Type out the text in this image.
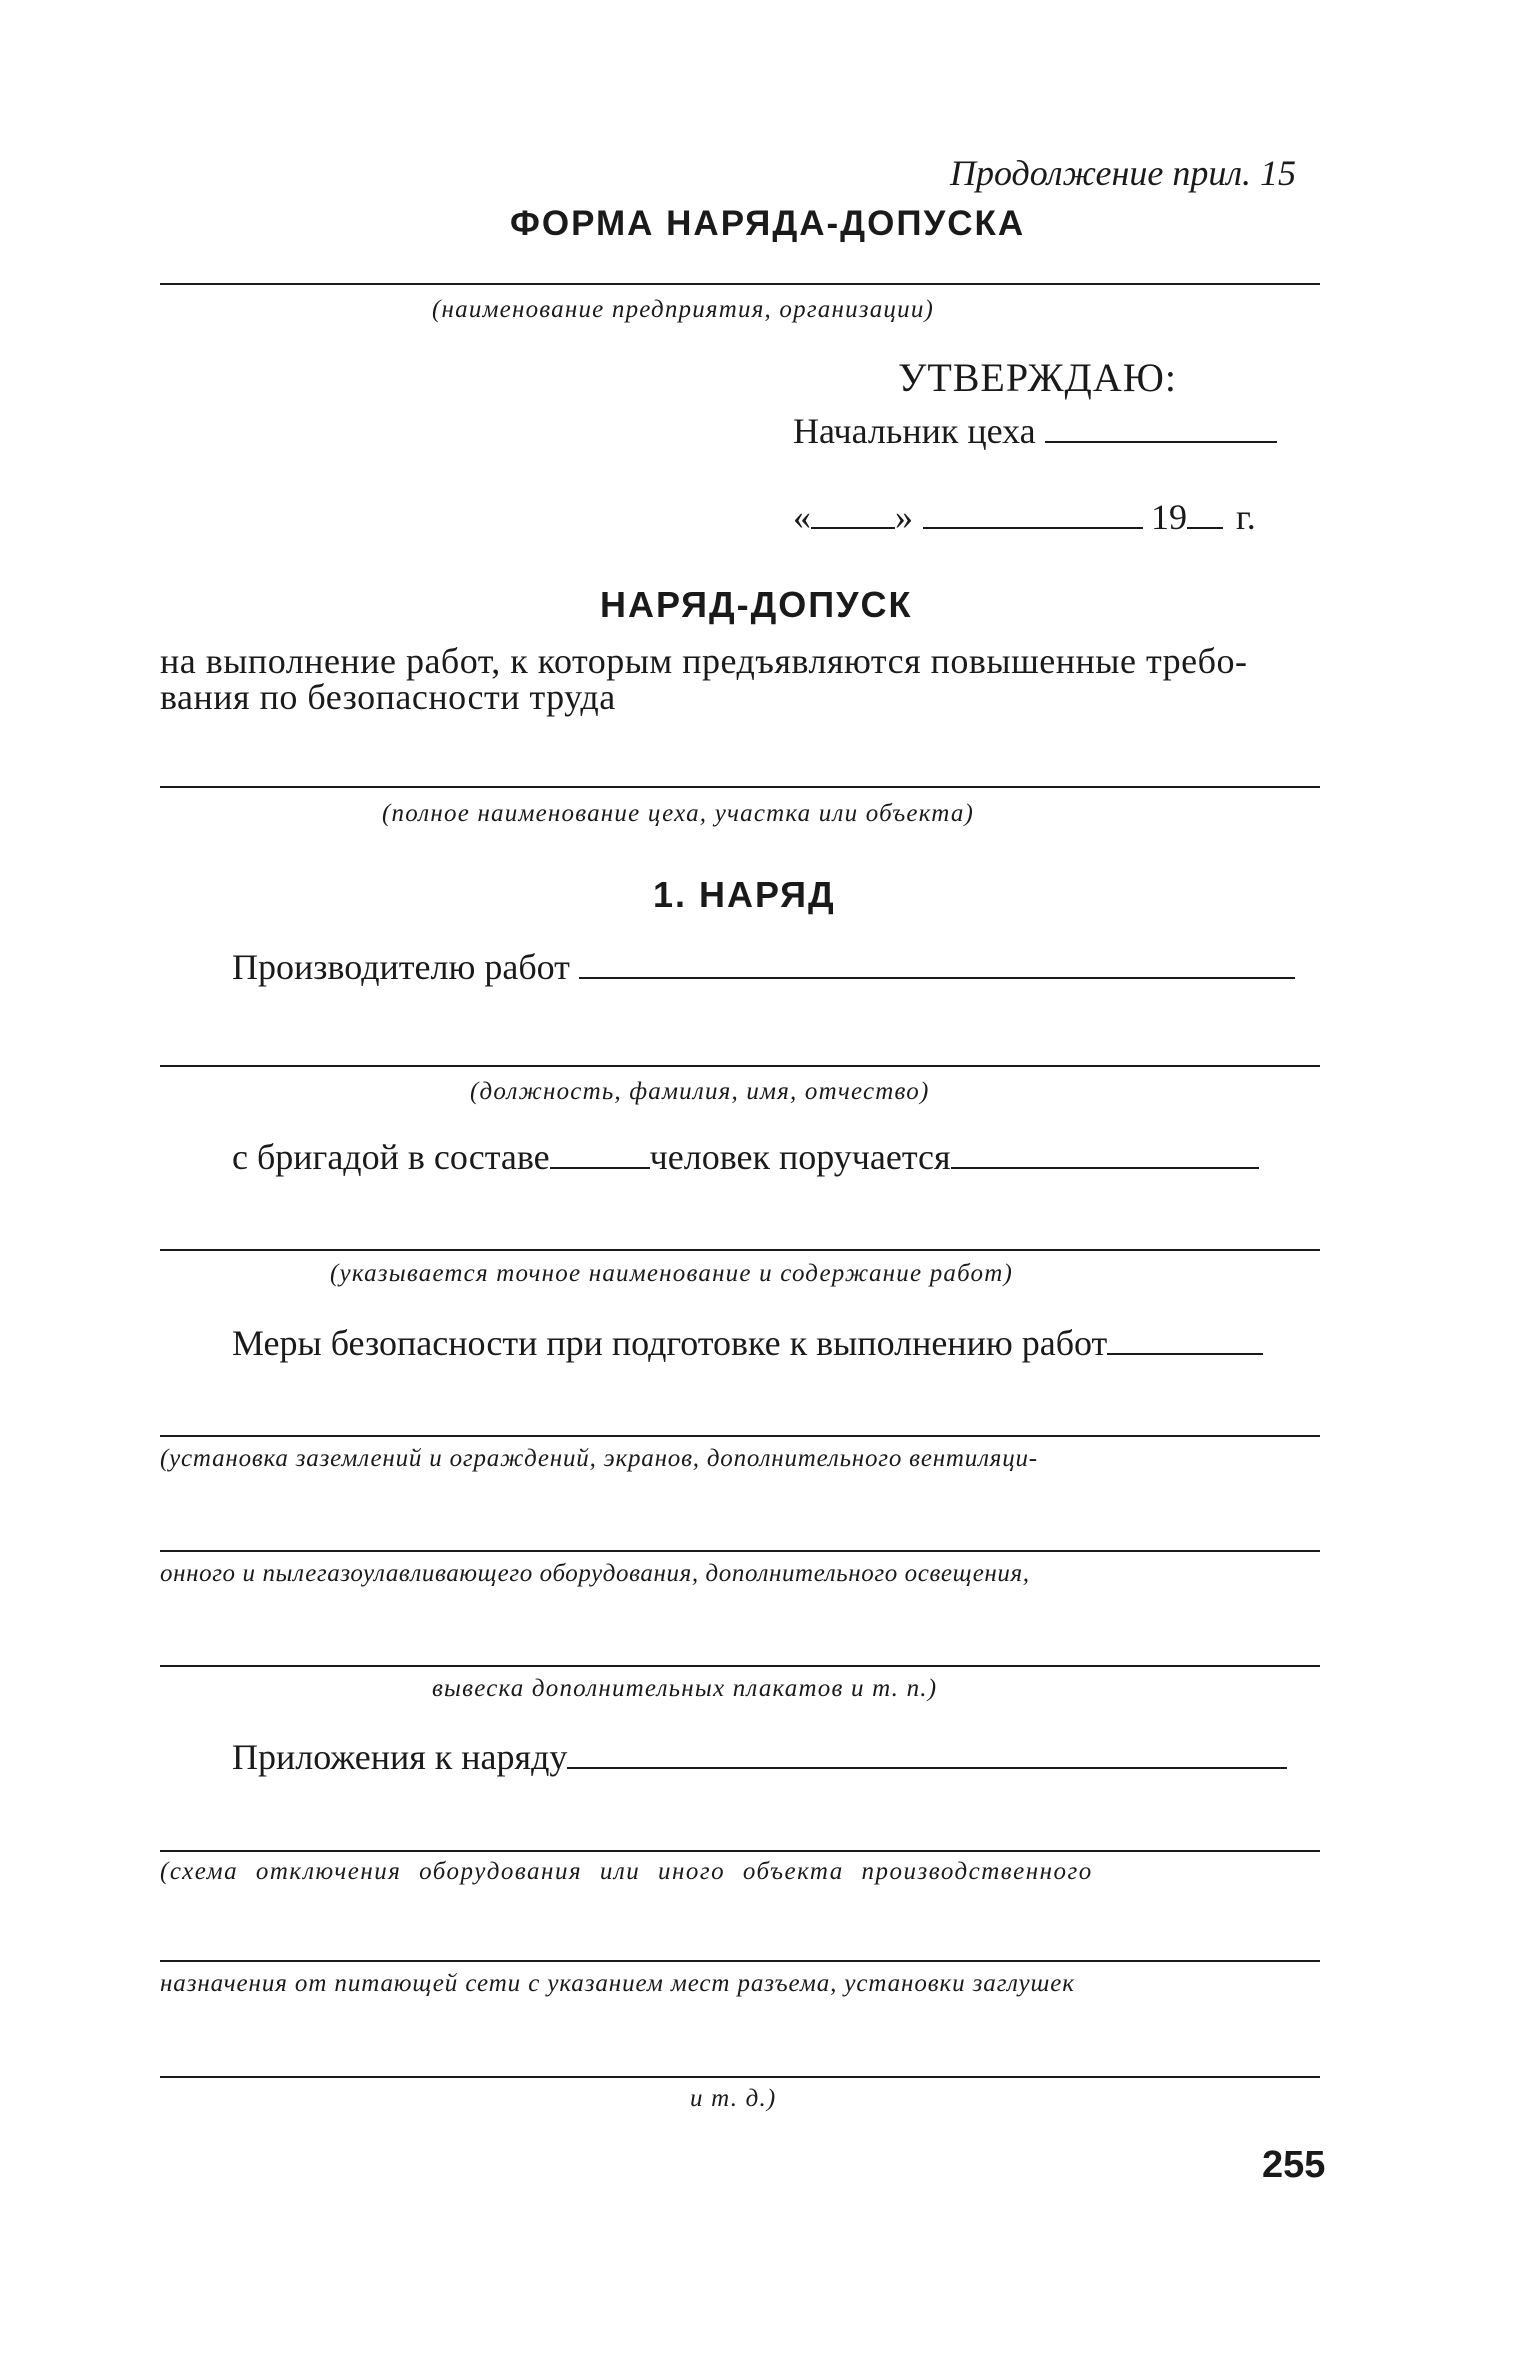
Продолжение прил. 15
ФОРМА НАРЯДА-ДОПУСКА
(наименование предприятия, организации)
УТВЕРЖДАЮ:
Начальник цеха
« »	19 г.
НАРЯД-ДОПУСК
на выполнение работ, к которым предъявляются повышенные требо-
вания по безопасности труда
(полное наименование цеха, участка или объекта)
1. НАРЯД
Производителю работ
(должность, фамилия, имя, отчество)
с бригадой в составе	человек поручается
(указывается точное наименование и содержание работ)
Меры безопасности при подготовке к выполнению работ
(установка заземлений и ограждений, экранов, дополнительного вентиляци-
онного и пылегазоулавливающего оборудования, дополнительного освещения,
вывеска дополнительных плакатов и т. п.)
Приложения к наряду
(схема отключения оборудования или иного объекта производственного
назначения от питающей сети с указанием мест разъема, установки заглушек
и т. д.)
255
